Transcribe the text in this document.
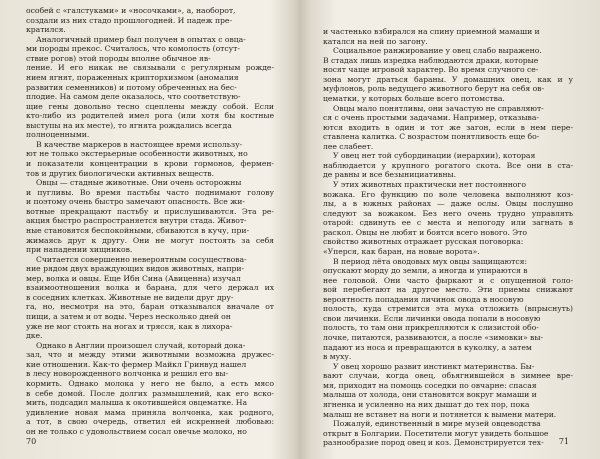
особей с «галстуками» и «носочками», а, наоборот,
создали из них стадо прошлогодней. И падеж пре-
кратился.
Аналогичный пример был получен в опытах с овца-
ми породы прекос. Считалось, что комолость (отсут-
ствие рогов) этой породы вполне обычное яв-
ление. И его никак не связывали с регулярным рожде-
нием ягнят, пораженных крипторхизмом (аномалия
развития семенников) и потому обреченных на бес-
плодие. На самом деле оказалось, что соответствую-
щие гены довольно тесно сцеплены между собой. Если
кто-либо из родителей имел рога (или хотя бы костные
выступы на их месте), то ягнята рождались всегда
полноценными.
В качестве маркеров в настоящее время использу-
ют не только экстерьерные особенности животных, но
и показатели концентрации в крови гормонов, фермен-
тов и других биологически активных веществ.
Овцы — стадные животные. Они очень осторожны
и пугливы. Во время пастьбы часто поднимают голову
и поэтому очень быстро замечают опасность. Все жи-
вотные прекращают пастьбу и прислушиваются. Эта ре-
акция быстро распространяется внутри стада. Живот-
ные становятся беспокойными, сбиваются в кучу, при-
жимаясь друг к другу. Они не могут постоять за себя
при нападении хищников.
Считается совершенно невероятным сосуществова-
ние рядом двух враждующих видов животных, напри-
мер, волка и овцы. Еще Ибн Сина (Авиценна) изучал
взаимоотношения волка и барана, для чего держал их
в соседних клетках. Животные не видели друг дру-
га, но, несмотря на это, баран отказывался вначале от
пищи, а затем и от воды. Через несколько дней он
уже не мог стоять на ногах и трясся, как в лихора-
дке.
Однако в Англии произошел случай, который дока-
зал, что и между этими животными возможна дружес-
кие отношения. Как-то фермер Майкл Гринвуд нашел
в лесу новорожденного волчонка и решил его вы-
кормить. Однако молока у него не было, а есть мясо
в себе домой. После долгих размышлений, как его вско-
мить, подсадил малыша к окотившейся овцематке. На
удивление новая мама приняла волчонка, как родного,
а тот, в свою очередь, ответил ей искренней любовью:
он не только с удовольствием сосал овечье молоко, но
70
и частенько взбирался на спину приемной мамаши и
катался на ней по загону.
Социальное ранжирование у овец слабо выражено.
В стадах лишь изредка наблюдаются драки, которые
носят чаще игровой характер. Во время случного се-
зона могут драться бараны. У домашних овец, как и у
муфлонов, роль ведущего животного берут на себя ов-
цематки, у которых больше всего потомства.
Овцы мало понятливы, они зачастую не справляют-
ся с очень простыми задачами. Например, отказыва-
ются входить в один и тот же загон, если в нем пере-
ставлена калитка. С возрастом понятливость еще бо-
лее слабеет.
У овец нет той субординации (иерархии), которая
наблюдается у крупного рогатого скота. Все они в ста-
де равны и все безынициативны.
У этих животных практически нет постоянного
вожака. Его функцию по воле человека выполняют коз-
лы, а в южных районах — даже ослы. Овцы послушно
следуют за вожаком. Без него очень трудно управлять
отарой: сдвинуть ее с места и непогоду или загнать в
раскол. Овцы не любят и боятся всего нового. Это
свойство животных отражает русская поговорка:
«Уперся, как баран, на новые ворота».
В период лёта оводовых мух овцы защищаются:
опускают морду до земли, а иногда и упираются в
нее головой. Они часто фыркают и с опущенной голо-
вой перебегают на другое место. Эти приемы снижают
вероятность попадания личинок овода в носовую
полость, куда стремится эта муха отложить (впрыснуть)
свои личинки. Если личинки овода попали в носовую
полость, то там они прикрепляются к слизистой обо-
лочке, питаются, развиваются, а после «зимовки» вы-
падают из носа и превращаются в куколку, а затем
в муху.
У овец хорошо развит инстинкт материнства. Бы-
вают случаи, когда овец, обьягнившейся в зимнее вре-
мя, приходят на помощь соседки по овчарне: спасая
малыша от холода, они становятся вокруг мамаши и
ягненка и усиленно на них дышат до тех пор, пока
малыш не встанет на ноги и потянется к вымени матери.
Пожалуй, единственный в мире музей овцеводства
открыт в Болгарии. Посетители могут увидеть большое
разнообразие пород овец и коз. Демонстрируется тех-	71
